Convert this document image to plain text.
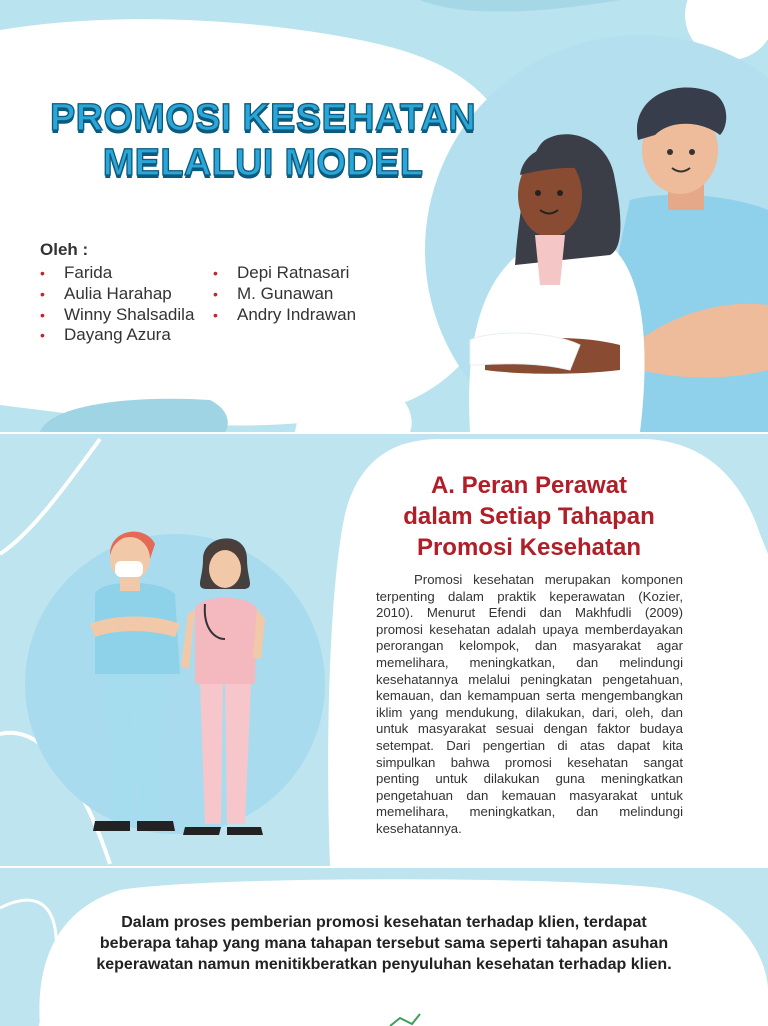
PROMOSI KESEHATAN
MELALUI MODEL
Oleh :
• Farida
• Aulia Harahap
• Winny Shalsadila
• Dayang Azura
• Depi Ratnasari
• M. Gunawan
• Andry Indrawan
A. Peran Perawat
dalam Setiap Tahapan
Promosi Kesehatan
Promosi kesehatan merupakan komponen terpenting dalam praktik keperawatan (Kozier, 2010). Menurut Efendi dan Makhfudli (2009) promosi kesehatan adalah upaya memberdayakan perorangan kelompok, dan masyarakat agar memelihara, meningkatkan, dan melindungi kesehatannya melalui peningkatan pengetahuan, kemauan, dan kemampuan serta mengembangkan iklim yang mendukung, dilakukan, dari, oleh, dan untuk masyarakat sesuai dengan faktor budaya setempat. Dari pengertian di atas dapat kita simpulkan bahwa promosi kesehatan sangat penting untuk dilakukan guna meningkatkan pengetahuan dan kemauan masyarakat untuk memelihara, meningkatkan, dan melindungi kesehatannya.
Dalam proses pemberian promosi kesehatan terhadap klien, terdapat
beberapa tahap yang mana tahapan tersebut sama seperti tahapan asuhan
keperawatan namun menitikberatkan penyuluhan kesehatan terhadap klien.
